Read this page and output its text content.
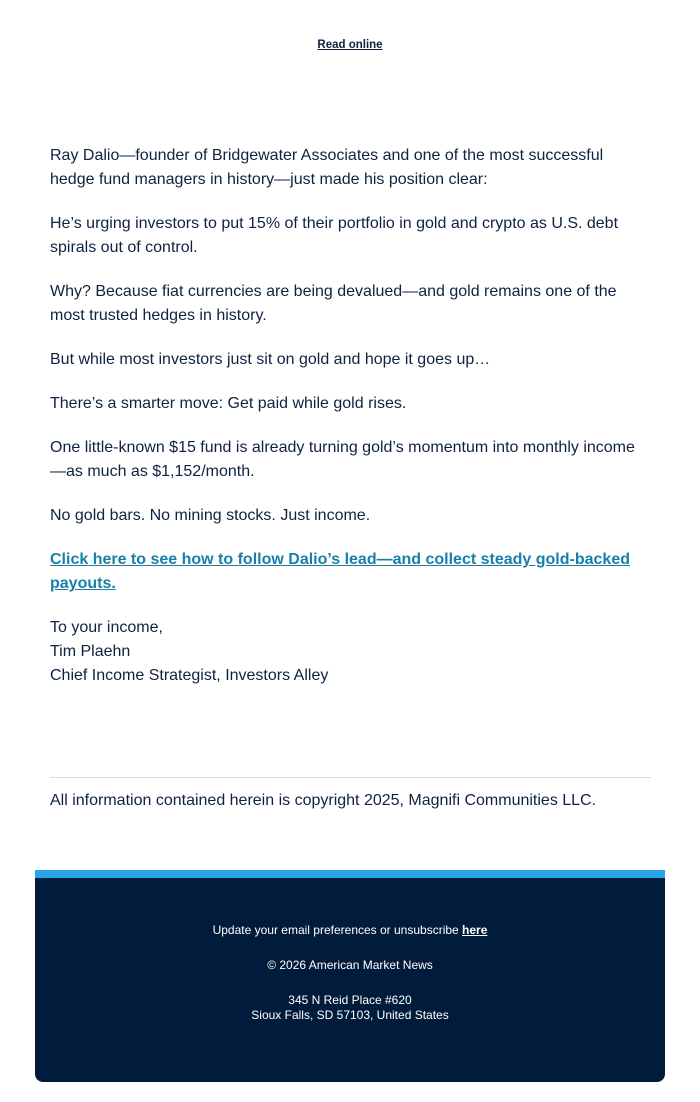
Read online

Ray Dalio—founder of Bridgewater Associates and one of the most successful hedge fund managers in history—just made his position clear:

He’s urging investors to put 15% of their portfolio in gold and crypto as U.S. debt spirals out of control.

Why? Because fiat currencies are being devalued—and gold remains one of the most trusted hedges in history.

But while most investors just sit on gold and hope it goes up…

There’s a smarter move: Get paid while gold rises.

One little-known $15 fund is already turning gold’s momentum into monthly income—as much as $1,152/month.

No gold bars. No mining stocks. Just income.

Click here to see how to follow Dalio’s lead—and collect steady gold-backed payouts.

To your income,
Tim Plaehn
Chief Income Strategist, Investors Alley
All information contained herein is copyright 2025, Magnifi Communities LLC.
Update your email preferences or unsubscribe here
© 2026 American Market News
345 N Reid Place #620
Sioux Falls, SD 57103, United States
